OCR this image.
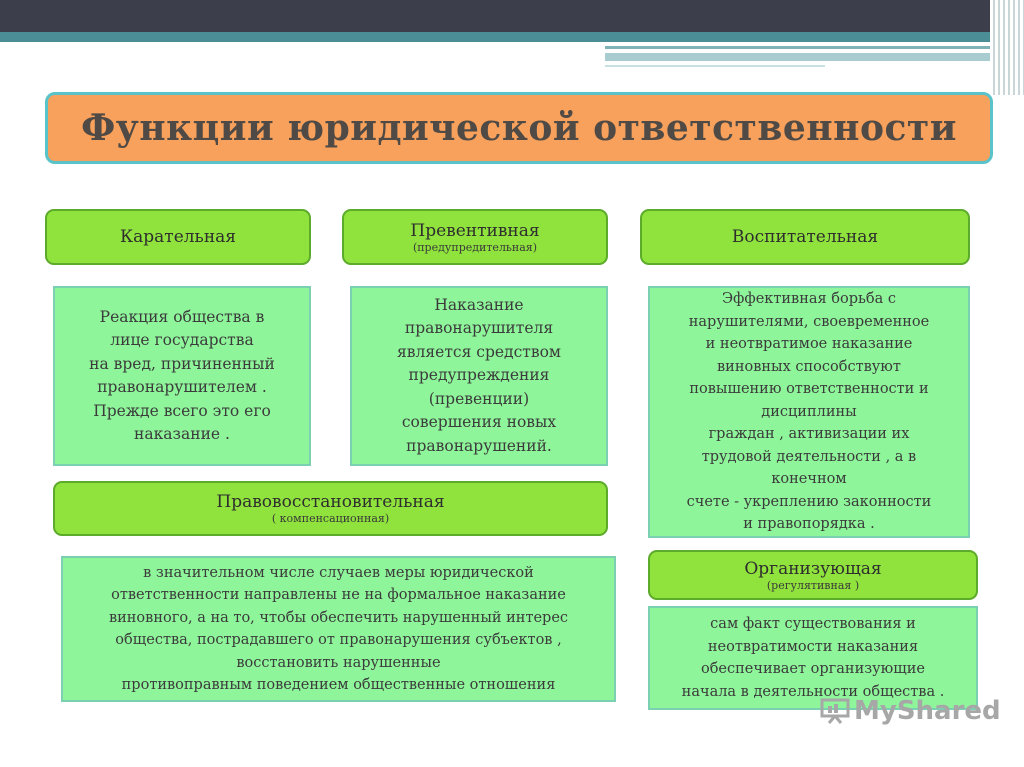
Функции юридической ответственности
Карательная

Реакция общества в
лице государства
на вред, причиненный
правонарушителем .
Прежде всего это его
наказание .

Превентивная
(предупредительная)

Наказание
правонарушителя
является средством
предупреждения
(превенции)
совершения новых
правонарушений.

Воспитательная

Эффективная борьба с
нарушителями, своевременное
и неотвратимое наказание
виновных способствуют
повышению ответственности и
дисциплины
граждан , активизации их
трудовой деятельности , а в
конечном
счете - укреплению законности
и правопорядка .

Правовосстановительная
( компенсационная)

в значительном числе случаев меры юридической
ответственности направлены не на формальное наказание
виновного, а на то, чтобы обеспечить нарушенный интерес
общества, пострадавшего от правонарушения субъектов ,
восстановить нарушенные
противоправным поведением общественные отношения

Организующая
(регулятивная )

сам факт существования и
неотвратимости наказания
обеспечивает организующие
начала в деятельности общества .

MyShared
